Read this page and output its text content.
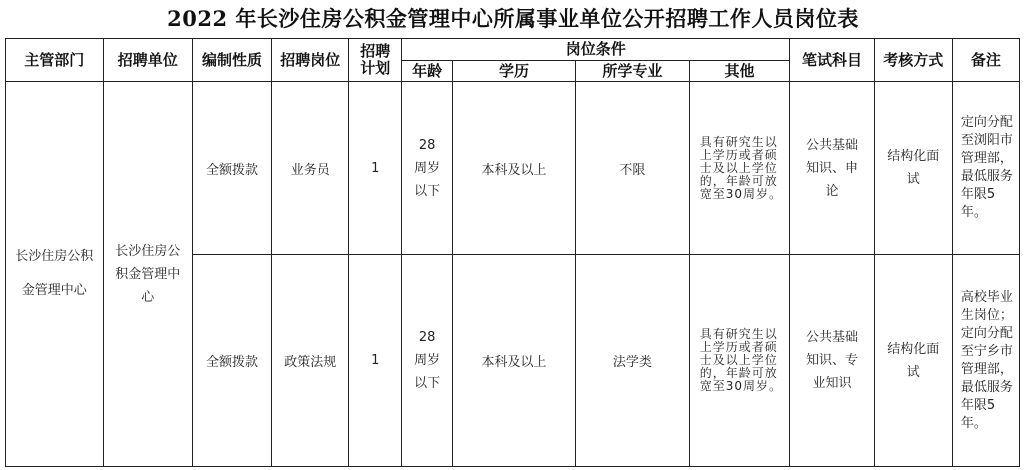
2022 年长沙住房公积金管理中心所属事业单位公开招聘工作人员岗位表
主管部门	招聘单位	编制性质	招聘岗位	招聘计划	岗位条件				笔试科目	考核方式	备注
					年龄	学历	所学专业	其他			
长沙住房公积金管理中心	长沙住房公积金管理中心	全额拨款	业务员	1	28周岁以下	本科及以上	不限	具有研究生以上学历或者硕士及以上学位的，年龄可放宽至30周岁。	公共基础知识、申论	结构化面试	定向分配至浏阳市管理部，最低服务年限5年。
		全额拨款	政策法规	1	28周岁以下	本科及以上	法学类	具有研究生以上学历或者硕士及以上学位的，年龄可放宽至30周岁。	公共基础知识、专业知识	结构化面试	高校毕业生岗位；定向分配至宁乡市管理部，最低服务年限5年。
